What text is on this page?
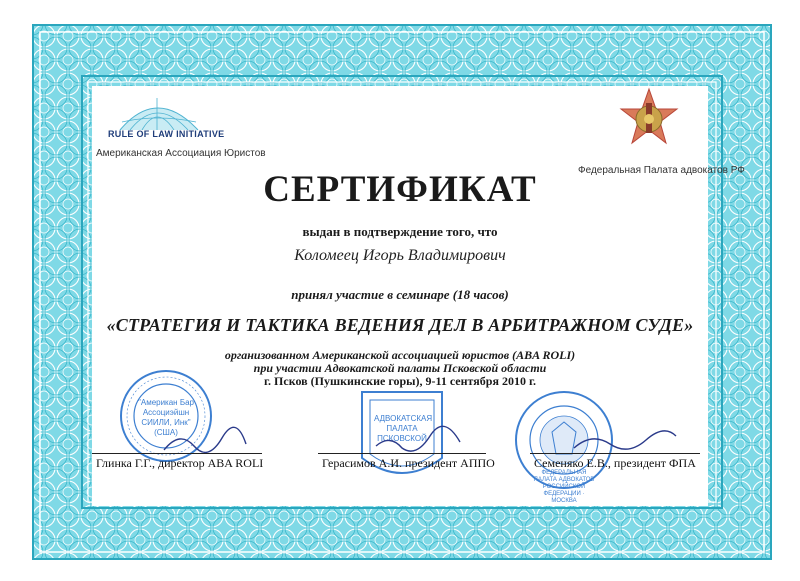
RULE OF LAW INITIATIVE
Американская Ассоциация Юристов
Федеральная Палата адвокатов РФ
СЕРТИФИКАТ
выдан в подтверждение того, что
Коломеец Игорь Владимирович
принял участие в семинаре (18 часов)
«СТРАТЕГИЯ И ТАКТИКА ВЕДЕНИЯ ДЕЛ В АРБИТРАЖНОМ СУДЕ»
организованном Американской ассоциацией юристов (ABA ROLI)
при участии Адвокатской палаты Псковской области
г. Псков (Пушкинские горы), 9-11 сентября 2010 г.
"Американ Бар Ассоциэйшн СИИЛИ, Инк" (США)
АДВОКАТСКАЯ ПАЛАТА ПСКОВСКОЙ
ФЕДЕРАЛЬНАЯ ПАЛАТА АДВОКАТОВ РОССИЙСКОЙ ФЕДЕРАЦИИ · МОСКВА
Глинка Г.Г., директор ABA ROLI	Герасимов А.И. президент АППО	Семеняко Е.В., президент ФПА
